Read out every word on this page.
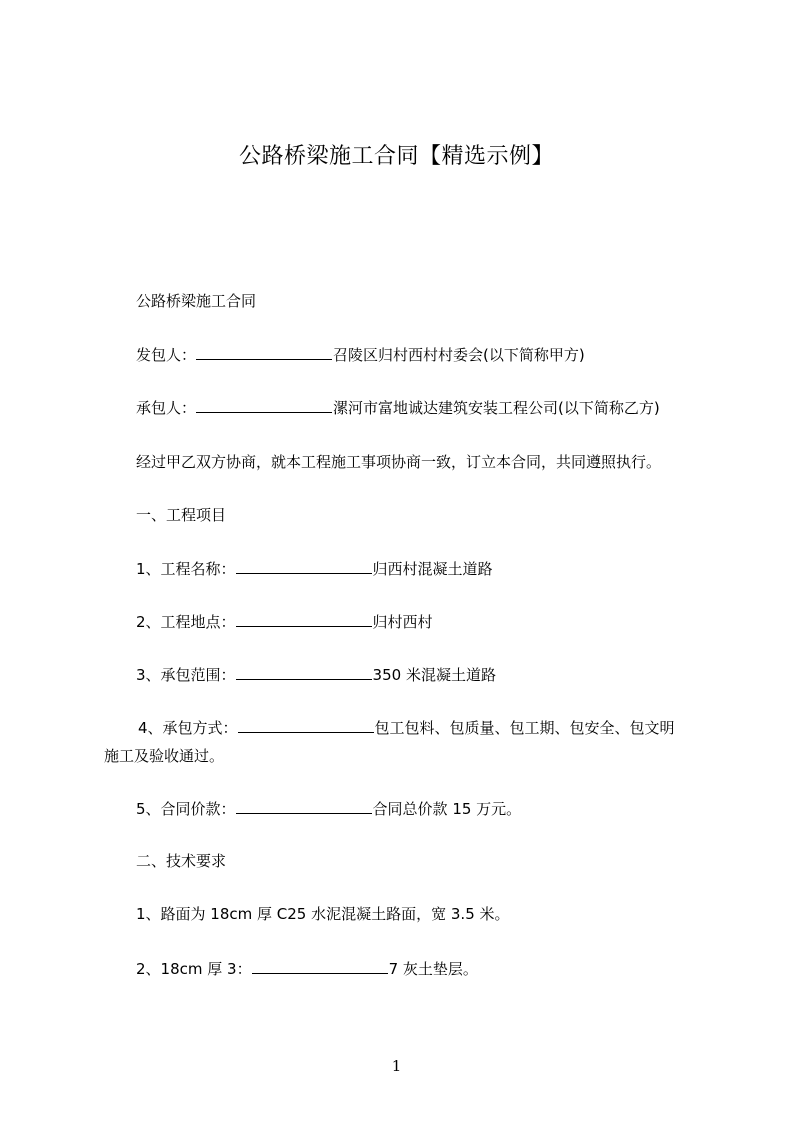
公路桥梁施工合同【精选示例】
公路桥梁施工合同
发包人：	召陵区归村西村村委会(以下简称甲方)
承包人：	漯河市富地诚达建筑安装工程公司(以下简称乙方)
经过甲乙双方协商，就本工程施工事项协商一致，订立本合同，共同遵照执行。
一、工程项目
1、工程名称：	归西村混凝土道路
2、工程地点：	归村西村
3、承包范围：	350 米混凝土道路
4、承包方式：	包工包料、包质量、包工期、包安全、包文明
施工及验收通过。
5、合同价款：	合同总价款 15 万元。
二、技术要求
1、路面为 18cm 厚 C25 水泥混凝土路面，宽 3.5 米。
2、18cm 厚 3：	7 灰土垫层。
1
